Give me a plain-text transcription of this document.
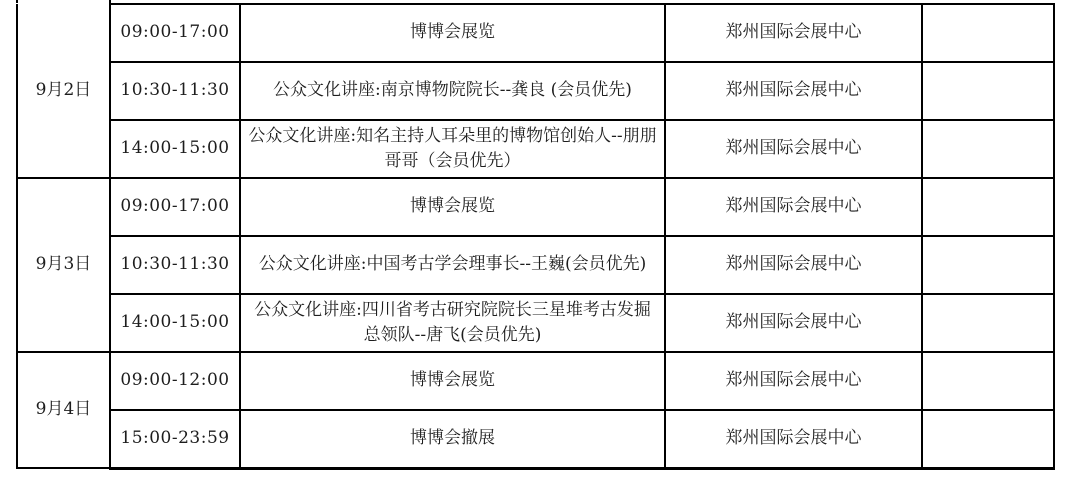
9月2日	09:00-17:00	博博会展览	郑州国际会展中心	
	10:30-11:30	公众文化讲座:南京博物院院长--龚良 (会员优先)	郑州国际会展中心	
	14:00-15:00	公众文化讲座:知名主持人耳朵里的博物馆创始人--朋朋哥哥（会员优先）	郑州国际会展中心	
9月3日	09:00-17:00	博博会展览	郑州国际会展中心	
	10:30-11:30	公众文化讲座:中国考古学会理事长--王巍(会员优先)	郑州国际会展中心	
	14:00-15:00	公众文化讲座:四川省考古研究院院长三星堆考古发掘总领队--唐飞(会员优先)	郑州国际会展中心	
9月4日	09:00-12:00	博博会展览	郑州国际会展中心	
	15:00-23:59	博博会撤展	郑州国际会展中心	
